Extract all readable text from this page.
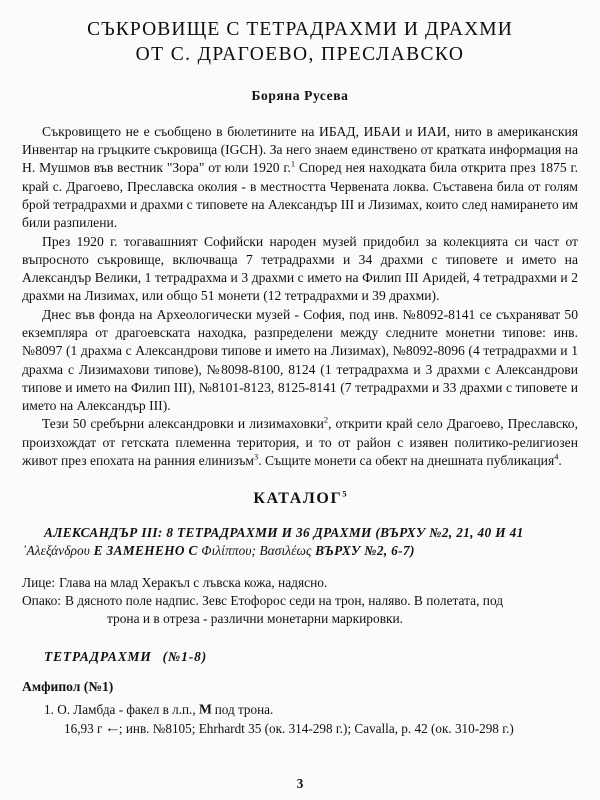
СЪКРОВИЩЕ С ТЕТРАДРАХМИ И ДРАХМИ
ОТ С. ДРАГОЕВО, ПРЕСЛАВСКО
Боряна Русева

Съкровището не е съобщено в бюлетините на ИБАД, ИБАИ и ИАИ, нито в американския Инвентар на гръцките съкровища (IGCH). За него знаем единствено от кратката информация на Н. Мушмов във вестник "Зора" от юли 1920 г.$^1$ Според нея находката била открита през 1875 г. край с. Драгоево, Преславска околия - в местността Червената локва. Съставена била от голям брой тетрадрахми и драхми с типовете на Александър III и Лизимах, които след намирането им били разпилени.

През 1920 г. тогавашният Софийски народен музей придобил за колекцията си част от въпросното съкровище, включваща 7 тетрадрахми и 34 драхми с типовете и името на Александър Велики, 1 тетрадрахма и 3 драхми с името на Филип III Аридей, 4 тетрадрахми и 2 драхми на Лизимах, или общо 51 монети (12 тетрадрахми и 39 драхми).

Днес във фонда на Археологически музей - София, под инв. №8092-8141 се съхраняват 50 екземпляра от драгоевската находка, разпределени между следните монетни типове: инв. №8097 (1 драхма с Александрови типове и името на Лизимах), №8092-8096 (4 тетрадрахми и 1 драхма с Лизимахови типове), №8098-8100, 8124 (1 тетрадрахма и 3 драхми с Александрови типове и името на Филип III), №8101-8123, 8125-8141 (7 тетрадрахми и 33 драхми с типовете и името на Александър III).

Тези 50 сребърни александровки и лизимаховки$^2$, открити край село Драгоево, Преславско, произхождат от гетската племенна територия, и то от район с изявен политико-религиозен живот през епохата на ранния елинизъм$^3$. Същите монети са обект на днешната публикация$^4$.

КАТАЛОГ$^5$
АЛЕКСАНДЪР III: 8 ТЕТРАДРАХМИ И 36 ДРАХМИ (ВЪРХУ №2, 21, 40 И 41 ᾽Αλεξάνδρου Е ЗАМЕНЕНО С Φιλίππου; Βασιλέως ВЪРХУ №2, 6-7)
Лице: Глава на млад Херакъл с лъвска кожа, надясно.
Опако: В дясното поле надпис. Зевс Етофорос седи на трон, наляво. В полетата, под
трона и в отреза - различни монетарни маркировки.
ТЕТРАДРАХМИ (№1-8)
Амфипол (№1)
1. О. Ламбда - факел в л.п., M под трона.
16,93 г ←; инв. №8105; Ehrhardt 35 (ок. 314-298 г.); Cavalla, p. 42 (ок. 310-298 г.)
3
